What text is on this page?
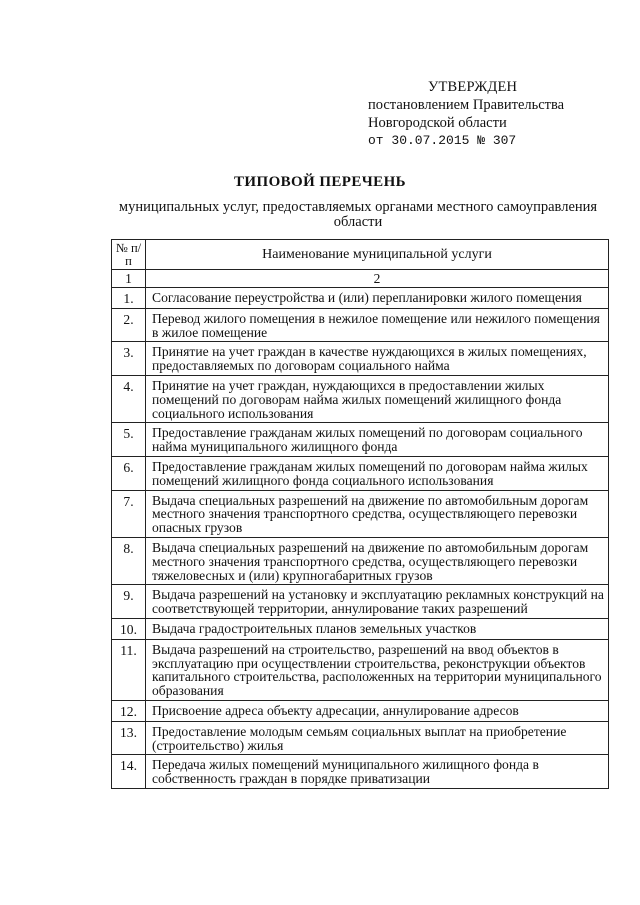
УТВЕРЖДЕН
постановлением Правительства
Новгородской области
от 30.07.2015 № 307
ТИПОВОЙ ПЕРЕЧЕНЬ
муниципальных услуг, предоставляемых органами местного самоуправления области
№ п/п	Наименование муниципальной услуги
1	2
1.	Согласование переустройства и (или) перепланировки жилого помещения
2.	Перевод жилого помещения в нежилое помещение или нежилого помещения в жилое помещение
3.	Принятие на учет граждан в качестве нуждающихся в жилых помещениях, предоставляемых по договорам социального найма
4.	Принятие на учет граждан, нуждающихся в предоставлении жилых помещений по договорам найма жилых помещений жилищного фонда социального использования
5.	Предоставление гражданам жилых помещений по договорам социального найма муниципального жилищного фонда
6.	Предоставление гражданам жилых помещений по договорам найма жилых помещений жилищного фонда социального использования
7.	Выдача специальных разрешений на движение по автомобильным дорогам местного значения транспортного средства, осуществляющего перевозки опасных грузов
8.	Выдача специальных разрешений на движение по автомобильным дорогам местного значения транспортного средства, осуществляющего перевозки тяжеловесных и (или) крупногабаритных грузов
9.	Выдача разрешений на установку и эксплуатацию рекламных конструкций на соответствующей территории, аннулирование таких разрешений
10.	Выдача градостроительных планов земельных участков
11.	Выдача разрешений на строительство, разрешений на ввод объектов в эксплуатацию при осуществлении строительства, реконструкции объектов капитального строительства, расположенных на территории муниципального образования
12.	Присвоение адреса объекту адресации, аннулирование адресов
13.	Предоставление молодым семьям социальных выплат на приобретение (строительство) жилья
14.	Передача жилых помещений муниципального жилищного фонда в собственность граждан в порядке приватизации
